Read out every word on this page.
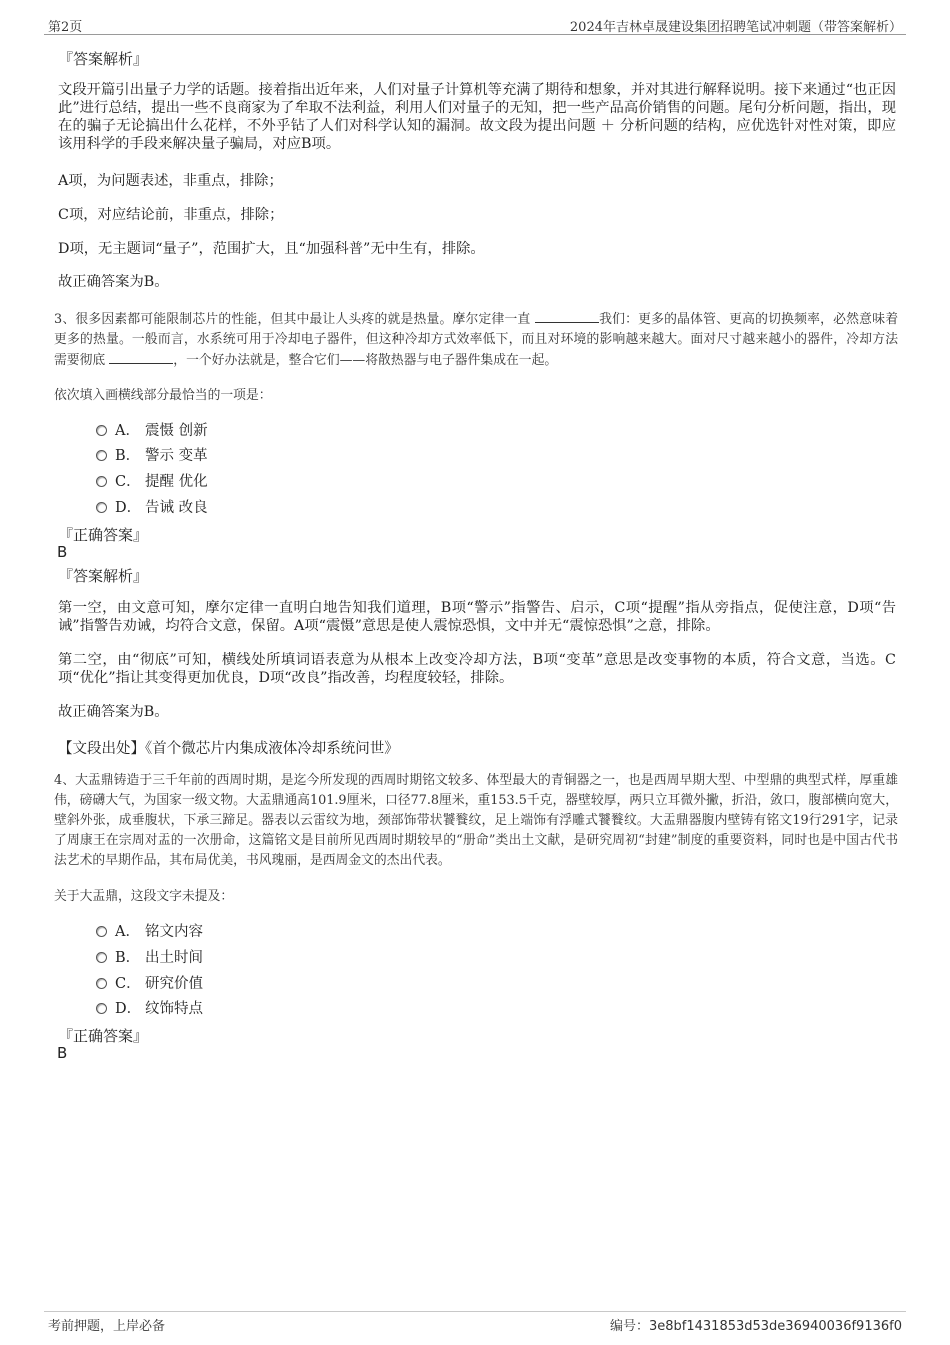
第2页	2024年吉林卓晟建设集团招聘笔试冲刺题（带答案解析）
『答案解析』
文段开篇引出量子力学的话题。接着指出近年来，人们对量子计算机等充满了期待和想象，并对其进行解释说明。接下来通过“也正因此”进行总结，提出一些不良商家为了牟取不法利益，利用人们对量子的无知，把一些产品高价销售的问题。尾句分析问题，指出，现在的骗子无论搞出什么花样，不外乎钻了人们对科学认知的漏洞。故文段为提出问题 ＋ 分析问题的结构，应优选针对性对策，即应该用科学的手段来解决量子骗局，对应B项。
A项，为问题表述，非重点，排除；
C项，对应结论前，非重点，排除；
D项，无主题词“量子”，范围扩大，且“加强科普”无中生有，排除。
故正确答案为B。
3、很多因素都可能限制芯片的性能，但其中最让人头疼的就是热量。摩尔定律一直	我们：更多的晶体管、更高的切换频率，必然意味着更多的热量。一般而言，水系统可用于冷却电子器件，但这种冷却方式效率低下，而且对环境的影响越来越大。面对尺寸越来越小的器件，冷却方法需要彻底	，一个好办法就是，整合它们——将散热器与电子器件集成在一起。
依次填入画横线部分最恰当的一项是：
A． 震慑 创新
B． 警示 变革
C． 提醒 优化
D． 告诫 改良
『正确答案』
B
『答案解析』
第一空，由文意可知，摩尔定律一直明白地告知我们道理，B项“警示”指警告、启示，C项“提醒”指从旁指点，促使注意，D项“告诫”指警告劝诫，均符合文意，保留。A项“震慑”意思是使人震惊恐惧，文中并无“震惊恐惧”之意，排除。
第二空，由“彻底”可知，横线处所填词语表意为从根本上改变冷却方法，B项“变革”意思是改变事物的本质，符合文意，当选。C项“优化”指让其变得更加优良，D项“改良”指改善，均程度较轻，排除。
故正确答案为B。
【文段出处】《首个微芯片内集成液体冷却系统问世》
4、大盂鼎铸造于三千年前的西周时期，是迄今所发现的西周时期铭文较多、体型最大的青铜器之一，也是西周早期大型、中型鼎的典型式样，厚重雄伟，磅礴大气，为国家一级文物。大盂鼎通高101.9厘米，口径77.8厘米，重153.5千克，器壁较厚，两只立耳微外撇，折沿，敛口，腹部横向宽大，壁斜外张，成垂腹状，下承三蹄足。器表以云雷纹为地，颈部饰带状饕餮纹，足上端饰有浮雕式饕餮纹。大盂鼎器腹内壁铸有铭文19行291字，记录了周康王在宗周对盂的一次册命，这篇铭文是目前所见西周时期较早的“册命”类出土文献，是研究周初“封建”制度的重要资料，同时也是中国古代书法艺术的早期作品，其布局优美，书风瑰丽，是西周金文的杰出代表。
关于大盂鼎，这段文字未提及：
A． 铭文内容
B． 出土时间
C． 研究价值
D． 纹饰特点
『正确答案』
B
考前押题，上岸必备	编号：3e8bf1431853d53de36940036f9136f0
